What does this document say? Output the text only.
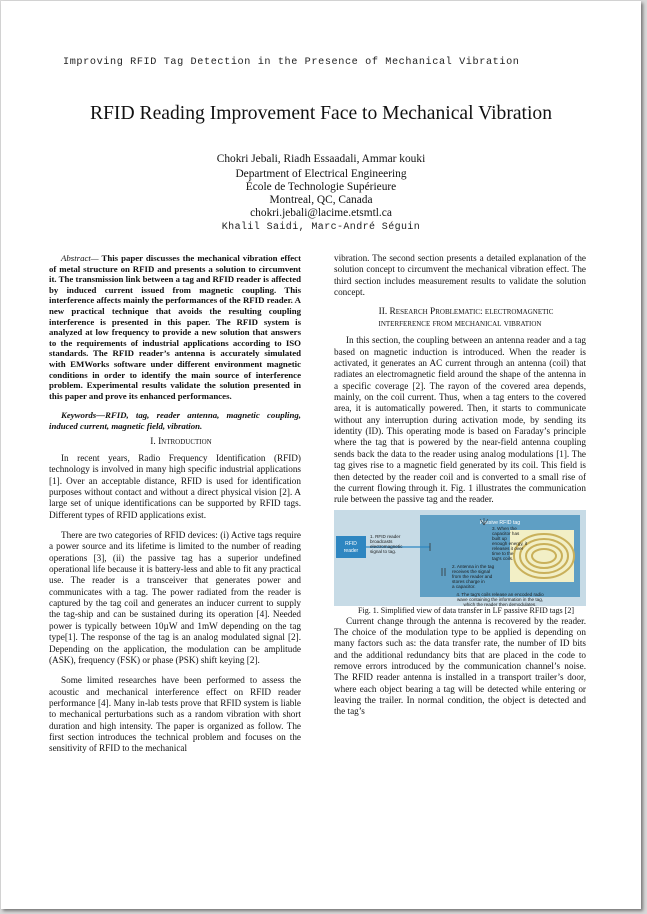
Improving RFID Tag Detection in the Presence of Mechanical Vibration
RFID Reading Improvement Face to Mechanical Vibration
Chokri Jebali, Riadh Essaadali, Ammar kouki
Department of Electrical Engineering
École de Technologie Supérieure
Montreal, QC, Canada
chokri.jebali@lacime.etsmtl.ca
Khalil Saidi, Marc-André Séguin

Abstract— This paper discusses the mechanical vibration effect of metal structure on RFID and presents a solution to circumvent it. The transmission link between a tag and RFID reader is affected by induced current issued from magnetic coupling. This interference affects mainly the performances of the RFID reader. A new practical technique that avoids the resulting coupling interference is presented in this paper. The RFID system is analyzed at low frequency to provide a new solution that answers to the requirements of industrial applications according to ISO standards. The RFID reader’s antenna is accurately simulated with EMWorks software under different environment magnetic conditions in order to identify the main source of interference problem. Experimental results validate the solution presented in this paper and prove its enhanced performances.

Keywords—RFID, tag, reader antenna, magnetic coupling, induced current, magnetic field, vibration.

I. Introduction

In recent years, Radio Frequency Identification (RFID) technology is involved in many high specific industrial applications [1]. Over an acceptable distance, RFID is used for identification purposes without contact and without a direct physical vision [2]. A large set of unique identifications can be supported by RFID tags. Different types of RFID applications exist.

There are two categories of RFID devices: (i) Active tags require a power source and its lifetime is limited to the number of reading operations [3], (ii) the passive tag has a superior undefined operational life because it is battery-less and able to fit any practical use. The reader is a transceiver that generates power and communicates with a tag. The power radiated from the reader is captured by the tag coil and generates an inducer current to supply the tag-ship and can be sustained during its operation [4]. Needed power is typically between 10µW and 1mW depending on the tag type[1]. The response of the tag is an analog modulated signal [2]. Depending on the application, the modulation can be amplitude (ASK), frequency (FSK) or phase (PSK) shift keying [2].

Some limited researches have been performed to assess the acoustic and mechanical interference effect on RFID reader performance [4]. Many in-lab tests prove that RFID system is liable to mechanical perturbations such as a random vibration with short duration and high intensity. The paper is organized as follow. The first section introduces the technical problem and focuses on the sensitivity of RFID to the mechanical

vibration. The second section presents a detailed explanation of the solution concept to circumvent the mechanical vibration effect. The third section includes measurement results to validate the solution concept.

II. Research Problematic: electromagnetic
interference from mechanical vibration

In this section, the coupling between an antenna reader and a tag based on magnetic induction is introduced. When the reader is activated, it generates an AC current through an antenna (coil) that radiates an electromagnetic field around the shape of the antenna in a specific coverage [2]. The rayon of the covered area depends, mainly, on the coil current. Thus, when a tag enters to the covered area, it is automatically powered. Then, it starts to communicate without any interruption during activation mode, by sending its identity (ID). This operating mode is based on Faraday’s principle where the tag that is powered by the near-field antenna coupling sends back the data to the reader using analog modulations [1]. The tag gives rise to a magnetic field generated by its coil. This field is then detected by the reader coil and is converted to a small rise of the current flowing through it. Fig. 1 illustrates the communication rule between the passive tag and the reader.

Passive RFID tag
RFID
reader
1. RFID reader
broadcasts
electromagnetic
signal to tag.
2. Antenna in the tag
receives the signal
from the reader and
stores charge in
a capacitor.
3. When the
capacitor has
built up
enough energy, it
releases it over
time to the
tag's coils.
4. The tag's coils release an encoded radio
wave containing the information in the tag,
which the reader then demodulates.

Fig. 1. Simplified view of data transfer in LF passive RFID tags [2]

Current change through the antenna is recovered by the reader. The choice of the modulation type to be applied is depending on many factors such as: the data transfer rate, the number of ID bits and the additional redundancy bits that are placed in the code to remove errors introduced by the communication channel’s noise. The RFID reader antenna is installed in a transport trailer’s door, where each object bearing a tag will be detected while entering or leaving the trailer. In normal condition, the object is detected and the tag’s
